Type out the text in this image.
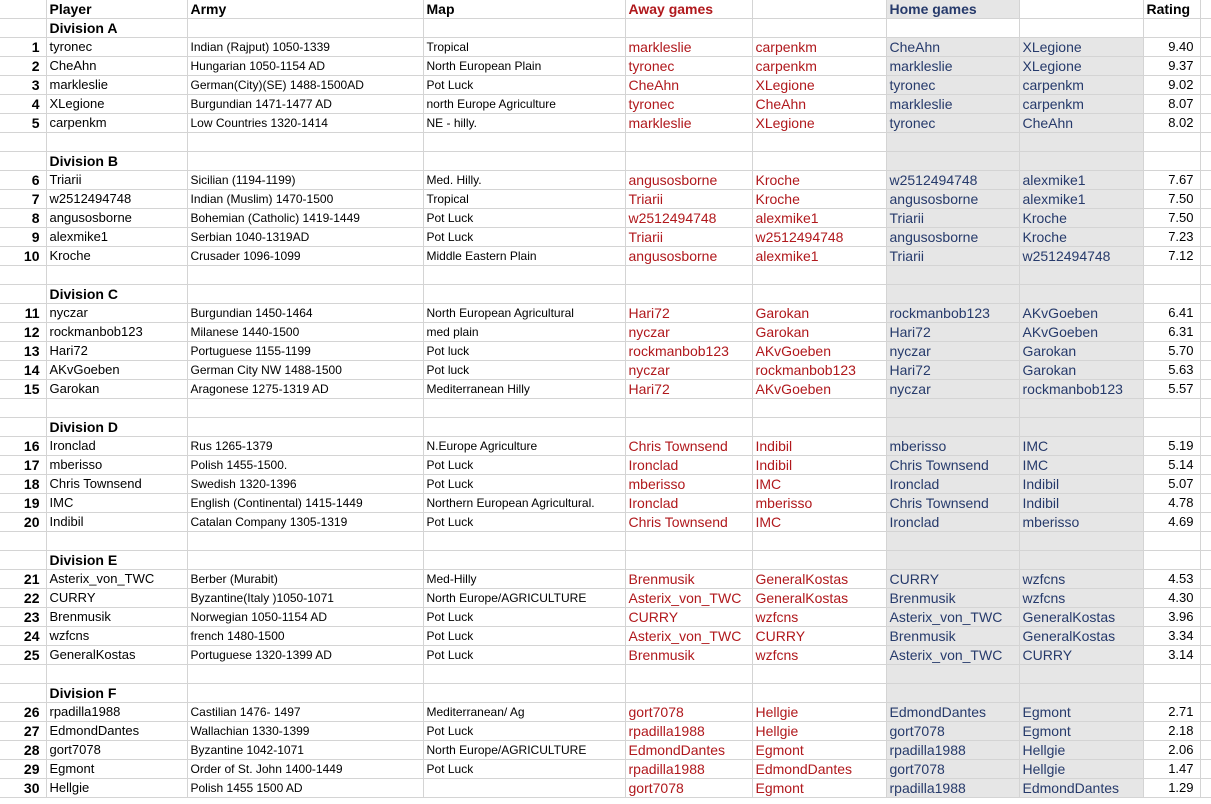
	Player	Army	Map	Away games		Home games		Rating	
	Division A								
1	tyronec	Indian (Rajput) 1050-1339	Tropical	markleslie	carpenkm	CheAhn	XLegione	9.40	
2	CheAhn	Hungarian 1050-1154 AD	North European Plain	tyronec	carpenkm	markleslie	XLegione	9.37	
3	markleslie	German(City)(SE) 1488-1500AD	Pot Luck	CheAhn	XLegione	tyronec	carpenkm	9.02	
4	XLegione	Burgundian 1471-1477 AD	north Europe Agriculture	tyronec	CheAhn	markleslie	carpenkm	8.07	
5	carpenkm	Low Countries 1320-1414	NE - hilly.	markleslie	XLegione	tyronec	CheAhn	8.02	

	Division B								
6	Triarii	Sicilian (1194-1199)	Med. Hilly.	angusosborne	Kroche	w2512494748	alexmike1	7.67	
7	w2512494748	Indian (Muslim) 1470-1500	Tropical	Triarii	Kroche	angusosborne	alexmike1	7.50	
8	angusosborne	Bohemian (Catholic) 1419-1449	Pot Luck	w2512494748	alexmike1	Triarii	Kroche	7.50	
9	alexmike1	Serbian 1040-1319AD	Pot Luck	Triarii	w2512494748	angusosborne	Kroche	7.23	
10	Kroche	Crusader 1096-1099	Middle Eastern Plain	angusosborne	alexmike1	Triarii	w2512494748	7.12	

	Division C								
11	nyczar	Burgundian 1450-1464	North European Agricultural	Hari72	Garokan	rockmanbob123	AKvGoeben	6.41	
12	rockmanbob123	Milanese 1440-1500	med plain	nyczar	Garokan	Hari72	AKvGoeben	6.31	
13	Hari72	Portuguese 1155-1199	Pot luck	rockmanbob123	AKvGoeben	nyczar	Garokan	5.70	
14	AKvGoeben	German City NW 1488-1500	Pot luck	nyczar	rockmanbob123	Hari72	Garokan	5.63	
15	Garokan	Aragonese 1275-1319 AD	Mediterranean Hilly	Hari72	AKvGoeben	nyczar	rockmanbob123	5.57	

	Division D								
16	Ironclad	Rus 1265-1379	N.Europe Agriculture	Chris Townsend	Indibil	mberisso	IMC	5.19	
17	mberisso	Polish 1455-1500.	Pot Luck	Ironclad	Indibil	Chris Townsend	IMC	5.14	
18	Chris Townsend	Swedish 1320-1396	Pot Luck	mberisso	IMC	Ironclad	Indibil	5.07	
19	IMC	English (Continental) 1415-1449	Northern European Agricultural.	Ironclad	mberisso	Chris Townsend	Indibil	4.78	
20	Indibil	Catalan Company 1305-1319	Pot Luck	Chris Townsend	IMC	Ironclad	mberisso	4.69	

	Division E								
21	Asterix_von_TWC	Berber (Murabit)	Med-Hilly	Brenmusik	GeneralKostas	CURRY	wzfcns	4.53	
22	CURRY	Byzantine(Italy )1050-1071	North Europe/AGRICULTURE	Asterix_von_TWC	GeneralKostas	Brenmusik	wzfcns	4.30	
23	Brenmusik	Norwegian 1050-1154 AD	Pot Luck	CURRY	wzfcns	Asterix_von_TWC	GeneralKostas	3.96	
24	wzfcns	french 1480-1500	Pot Luck	Asterix_von_TWC	CURRY	Brenmusik	GeneralKostas	3.34	
25	GeneralKostas	Portuguese 1320-1399 AD	Pot Luck	Brenmusik	wzfcns	Asterix_von_TWC	CURRY	3.14	

	Division F								
26	rpadilla1988	Castilian 1476- 1497	Mediterranean/ Ag	gort7078	Hellgie	EdmondDantes	Egmont	2.71	
27	EdmondDantes	Wallachian 1330-1399	Pot Luck	rpadilla1988	Hellgie	gort7078	Egmont	2.18	
28	gort7078	Byzantine 1042-1071	North Europe/AGRICULTURE	EdmondDantes	Egmont	rpadilla1988	Hellgie	2.06	
29	Egmont	Order of St. John 1400-1449	Pot Luck	rpadilla1988	EdmondDantes	gort7078	Hellgie	1.47	
30	Hellgie	Polish 1455 1500 AD		gort7078	Egmont	rpadilla1988	EdmondDantes	1.29	
